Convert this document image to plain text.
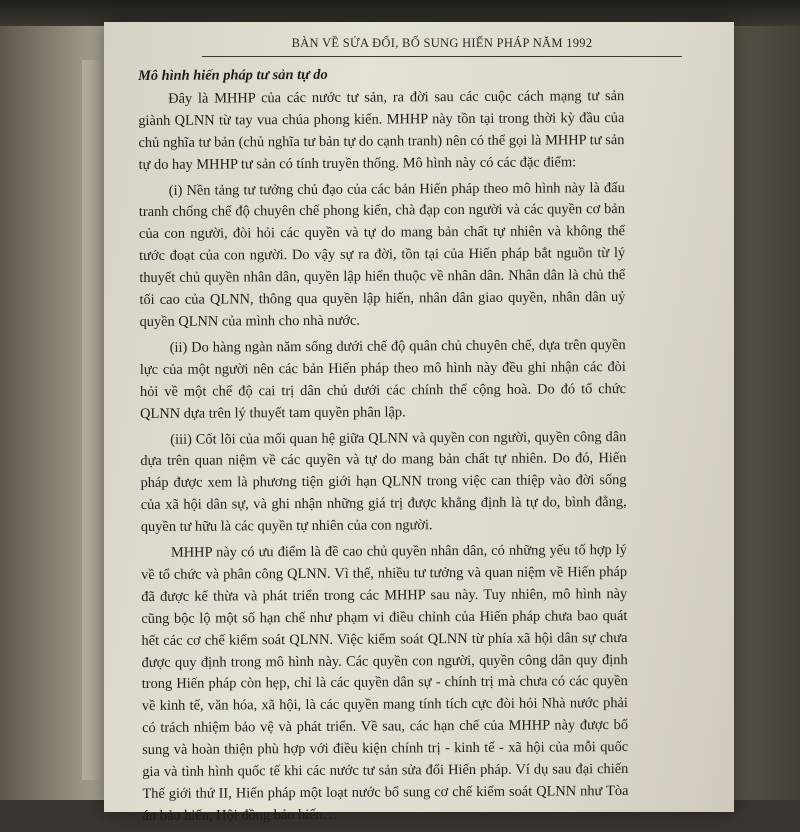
BÀN VỀ SỬA ĐỔI, BỔ SUNG HIẾN PHÁP NĂM 1992
Mô hình hiến pháp tư sản tự do

Đây là MHHP của các nước tư sản, ra đời sau các cuộc cách mạng tư sản giành QLNN từ tay vua chúa phong kiến. MHHP này tồn tại trong thời kỳ đầu của chủ nghĩa tư bản (chủ nghĩa tư bản tự do cạnh tranh) nên có thể gọi là MHHP tư sản tự do hay MHHP tư sản có tính truyền thống. Mô hình này có các đặc điểm:

(i) Nền tảng tư tưởng chủ đạo của các bản Hiến pháp theo mô hình này là đấu tranh chống chế độ chuyên chế phong kiến, chà đạp con người và các quyền cơ bản của con người, đòi hỏi các quyền và tự do mang bản chất tự nhiên và không thể tước đoạt của con người. Do vậy sự ra đời, tồn tại của Hiến pháp bắt nguồn từ lý thuyết chủ quyền nhân dân, quyền lập hiến thuộc về nhân dân. Nhân dân là chủ thể tối cao của QLNN, thông qua quyền lập hiến, nhân dân giao quyền, nhân dân uỷ quyền QLNN của mình cho nhà nước.

(ii) Do hàng ngàn năm sống dưới chế độ quân chủ chuyên chế, dựa trên quyền lực của một người nên các bản Hiến pháp theo mô hình này đều ghi nhận các đòi hỏi về một chế độ cai trị dân chủ dưới các chính thể cộng hoà. Do đó tổ chức QLNN dựa trên lý thuyết tam quyền phân lập.

(iii) Cốt lõi của mối quan hệ giữa QLNN và quyền con người, quyền công dân dựa trên quan niệm về các quyền và tự do mang bản chất tự nhiên. Do đó, Hiến pháp được xem là phương tiện giới hạn QLNN trong việc can thiệp vào đời sống của xã hội dân sự, và ghi nhận những giá trị được khẳng định là tự do, bình đẳng, quyền tư hữu là các quyền tự nhiên của con người.

MHHP này có ưu điểm là đề cao chủ quyền nhân dân, có những yếu tố hợp lý về tổ chức và phân công QLNN. Vì thế, nhiều tư tưởng và quan niệm về Hiến pháp đã được kế thừa và phát triển trong các MHHP sau này. Tuy nhiên, mô hình này cũng bộc lộ một số hạn chế như phạm vi điều chỉnh của Hiến pháp chưa bao quát hết các cơ chế kiểm soát QLNN. Việc kiểm soát QLNN từ phía xã hội dân sự chưa được quy định trong mô hình này. Các quyền con người, quyền công dân quy định trong Hiến pháp còn hẹp, chỉ là các quyền dân sự - chính trị mà chưa có các quyền về kinh tế, văn hóa, xã hội, là các quyền mang tính tích cực đòi hỏi Nhà nước phải có trách nhiệm bảo vệ và phát triển. Về sau, các hạn chế của MHHP này được bổ sung và hoàn thiện phù hợp với điều kiện chính trị - kinh tế - xã hội của mỗi quốc gia và tình hình quốc tế khi các nước tư sản sửa đổi Hiến pháp. Ví dụ sau đại chiến Thế giới thứ II, Hiến pháp một loạt nước bổ sung cơ chế kiểm soát QLNN như Tòa án bảo hiến, Hội đồng bảo hiến…
